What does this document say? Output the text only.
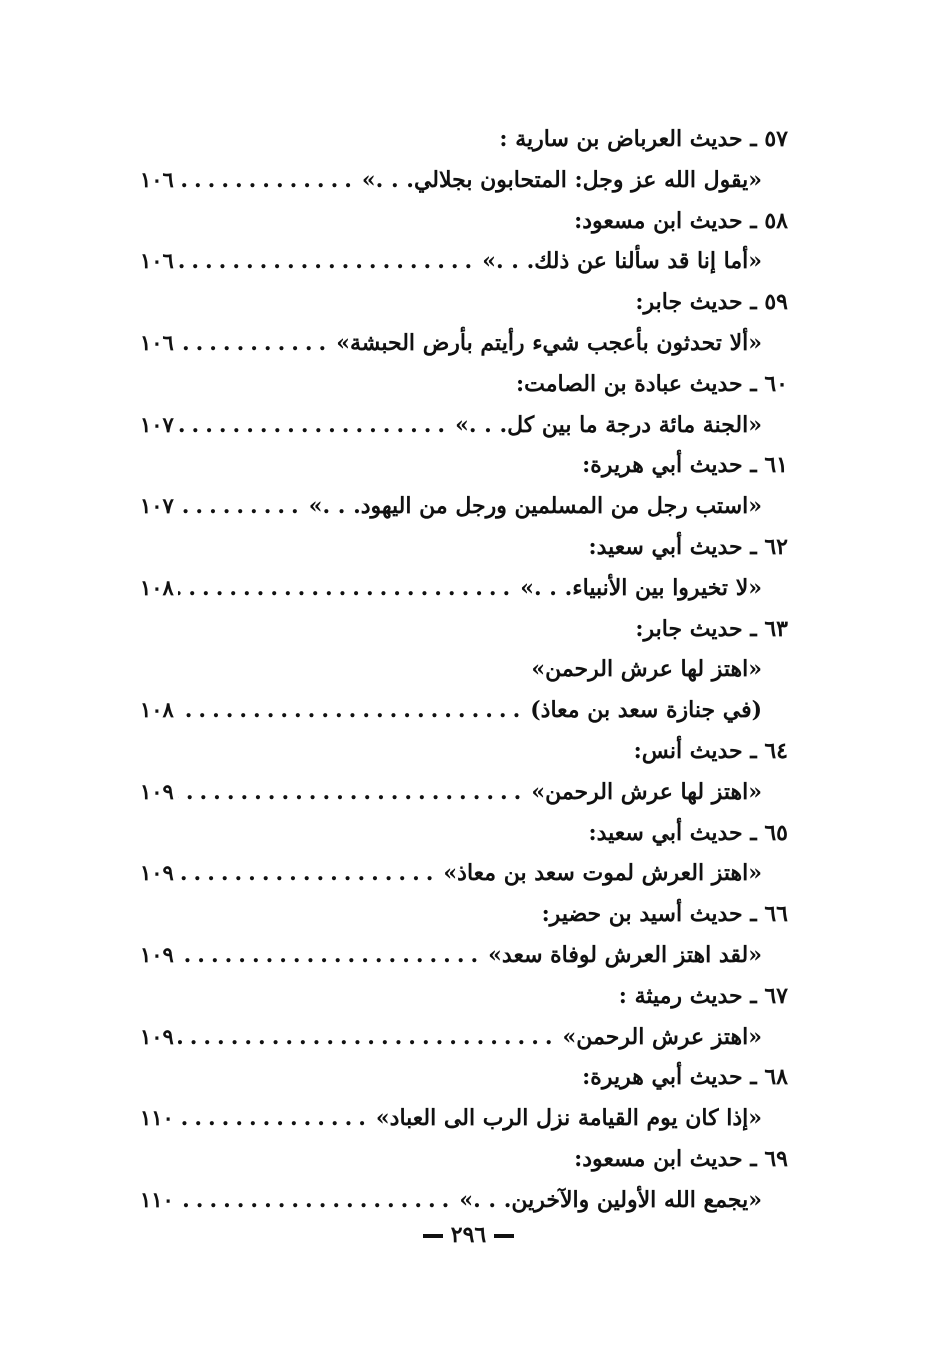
٥٧ ـ حديث العرباض بن سارية :
«يقول الله عز وجل: المتحابون بجلالي. . .»
.....
١٠٦
٥٨ ـ حديث ابن مسعود:
«أما إنا قد سألنا عن ذلك. . .»
.....
١٠٦
٥٩ ـ حديث جابر:
«ألا تحدثون بأعجب شيء رأيتم بأرض الحبشة»
.....
١٠٦
٦٠ ـ حديث عبادة بن الصامت:
«الجنة مائة درجة ما بين كل. . .»
.....
١٠٧
٦١ ـ حديث أبي هريرة:
«استب رجل من المسلمين ورجل من اليهود. . .»
.....
١٠٧
٦٢ ـ حديث أبي سعيد:
«لا تخيروا بين الأنبياء. . .»
.....
١٠٨
٦٣ ـ حديث جابر:
«اهتز لها عرش الرحمن»
(في جنازة سعد بن معاذ)
.....
١٠٨
٦٤ ـ حديث أنس:
«اهتز لها عرش الرحمن»
.....
١٠٩
٦٥ ـ حديث أبي سعيد:
«اهتز العرش لموت سعد بن معاذ»
.....
١٠٩
٦٦ ـ حديث أسيد بن حضير:
«لقد اهتز العرش لوفاة سعد»
.....
١٠٩
٦٧ ـ حديث رميثة :
«اهتز عرش الرحمن»
.....
١٠٩
٦٨ ـ حديث أبي هريرة:
«إذا كان يوم القيامة نزل الرب الى العباد»
.....
١١٠
٦٩ ـ حديث ابن مسعود:
«يجمع الله الأولين والآخرين. . .»
.....
١١٠
٢٩٦
